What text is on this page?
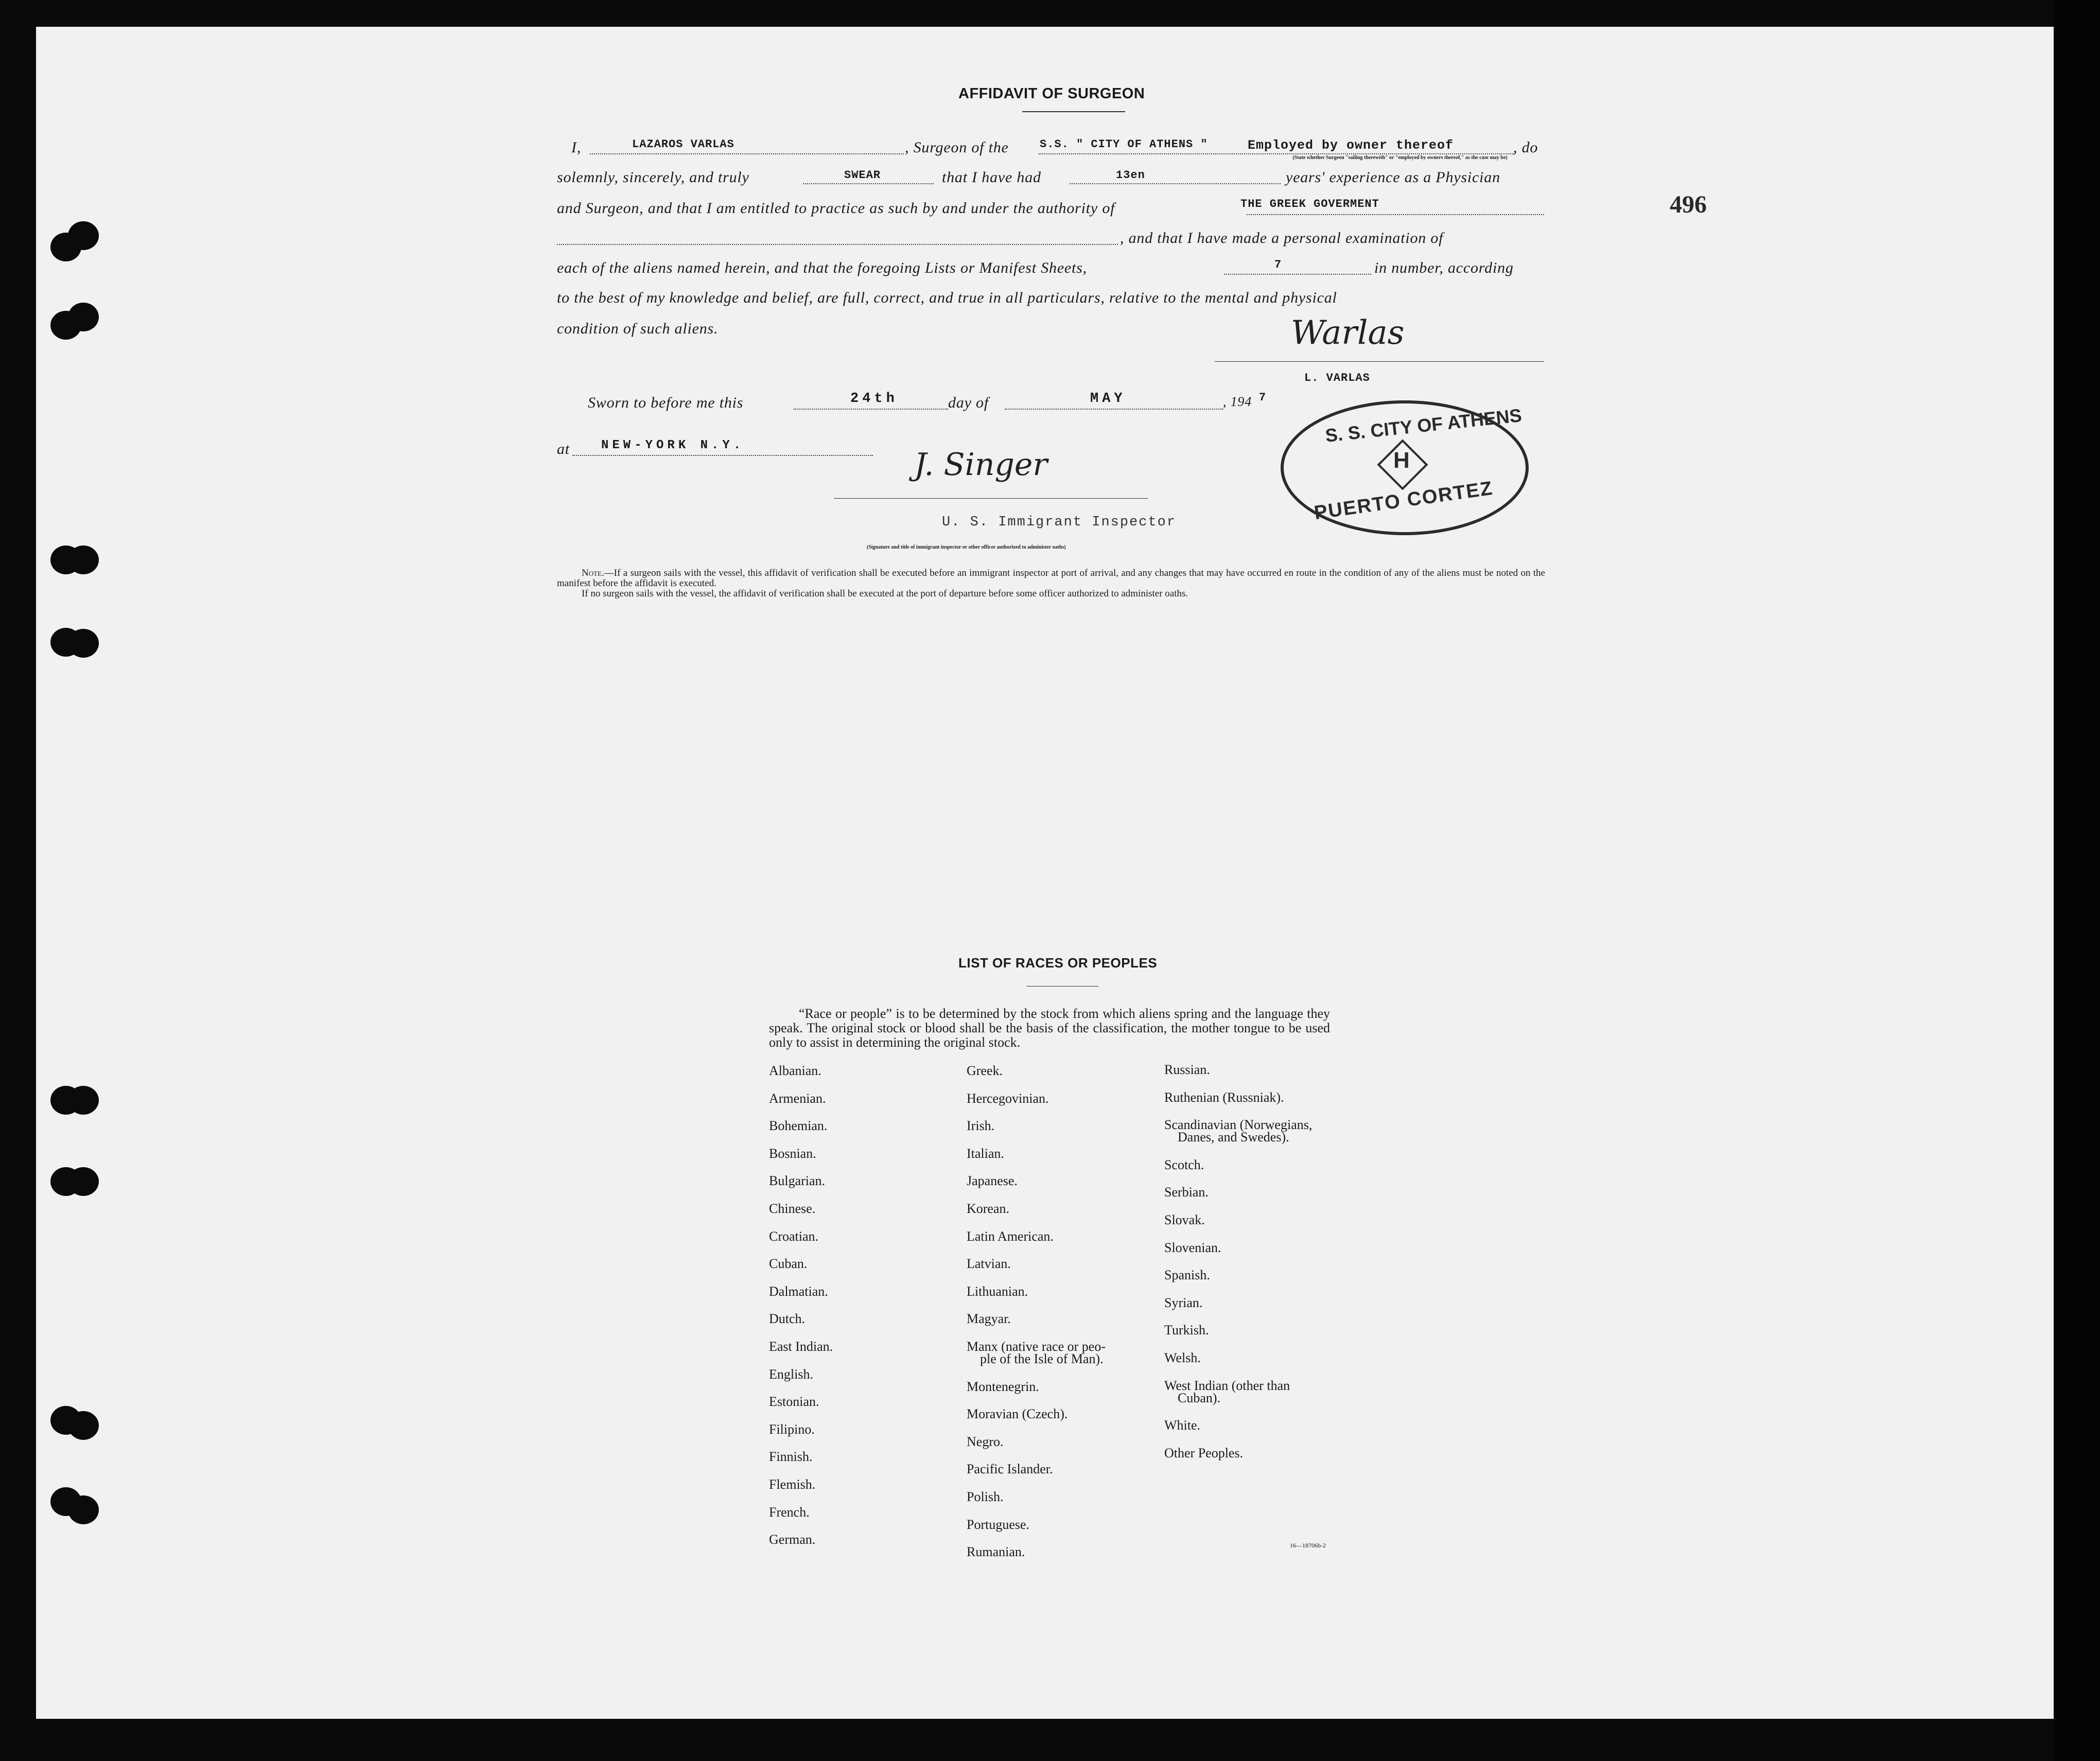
496
AFFIDAVIT OF SURGEON
I,	LAZAROS VARLAS	, Surgeon of the	S.S. " CITY OF ATHENS "	Employed by owner thereof	, do
(State whether Surgeon "sailing therewith" or "employed by owners thereof," as the case may be)
solemnly, sincerely, and truly	SWEAR	that I have had	13en	years' experience as a Physician
and Surgeon, and that I am entitled to practice as such by and under the authority of	THE GREEK GOVERMENT
, and that I have made a personal examination of
each of the aliens named herein, and that the foregoing Lists or Manifest Sheets,	7	in number, according
to the best of my knowledge and belief, are full, correct, and true in all particulars, relative to the mental and physical
condition of such aliens.	Warlas
L. VARLAS
Sworn to before me this	24th	day of	MAY	, 194 7
at	NEW-YORK N.Y.
J. Singer
U. S. Immigrant Inspector
(Signature and title of immigrant inspector or other officer authorized to administer oaths)
S. S. CITY OF ATHENS
H
PUERTO CORTEZ
Note.—If a surgeon sails with the vessel, this affidavit of verification shall be executed before an immigrant inspector at port of arrival, and any changes that may have occurred en route in the condition of any of the aliens must be noted on the manifest before the affidavit is executed.
If no surgeon sails with the vessel, the affidavit of verification shall be executed at the port of departure before some officer authorized to administer oaths.
LIST OF RACES OR PEOPLES
“Race or people” is to be determined by the stock from which aliens spring and the language they speak. The original stock or blood shall be the basis of the classification, the mother tongue to be used only to assist in determining the original stock.
Albanian.
Armenian.
Bohemian.
Bosnian.
Bulgarian.
Chinese.
Croatian.
Cuban.
Dalmatian.
Dutch.
East Indian.
English.
Estonian.
Filipino.
Finnish.
Flemish.
French.
German.
Greek.
Hercegovinian.
Irish.
Italian.
Japanese.
Korean.
Latin American.
Latvian.
Lithuanian.
Magyar.
Manx (native race or peo-
ple of the Isle of Man).
Montenegrin.
Moravian (Czech).
Negro.
Pacific Islander.
Polish.
Portuguese.
Rumanian.
Russian.
Ruthenian (Russniak).
Scandinavian (Norwegians,
Danes, and Swedes).
Scotch.
Serbian.
Slovak.
Slovenian.
Spanish.
Syrian.
Turkish.
Welsh.
West Indian (other than
Cuban).
White.
Other Peoples.
16—18706b-2
